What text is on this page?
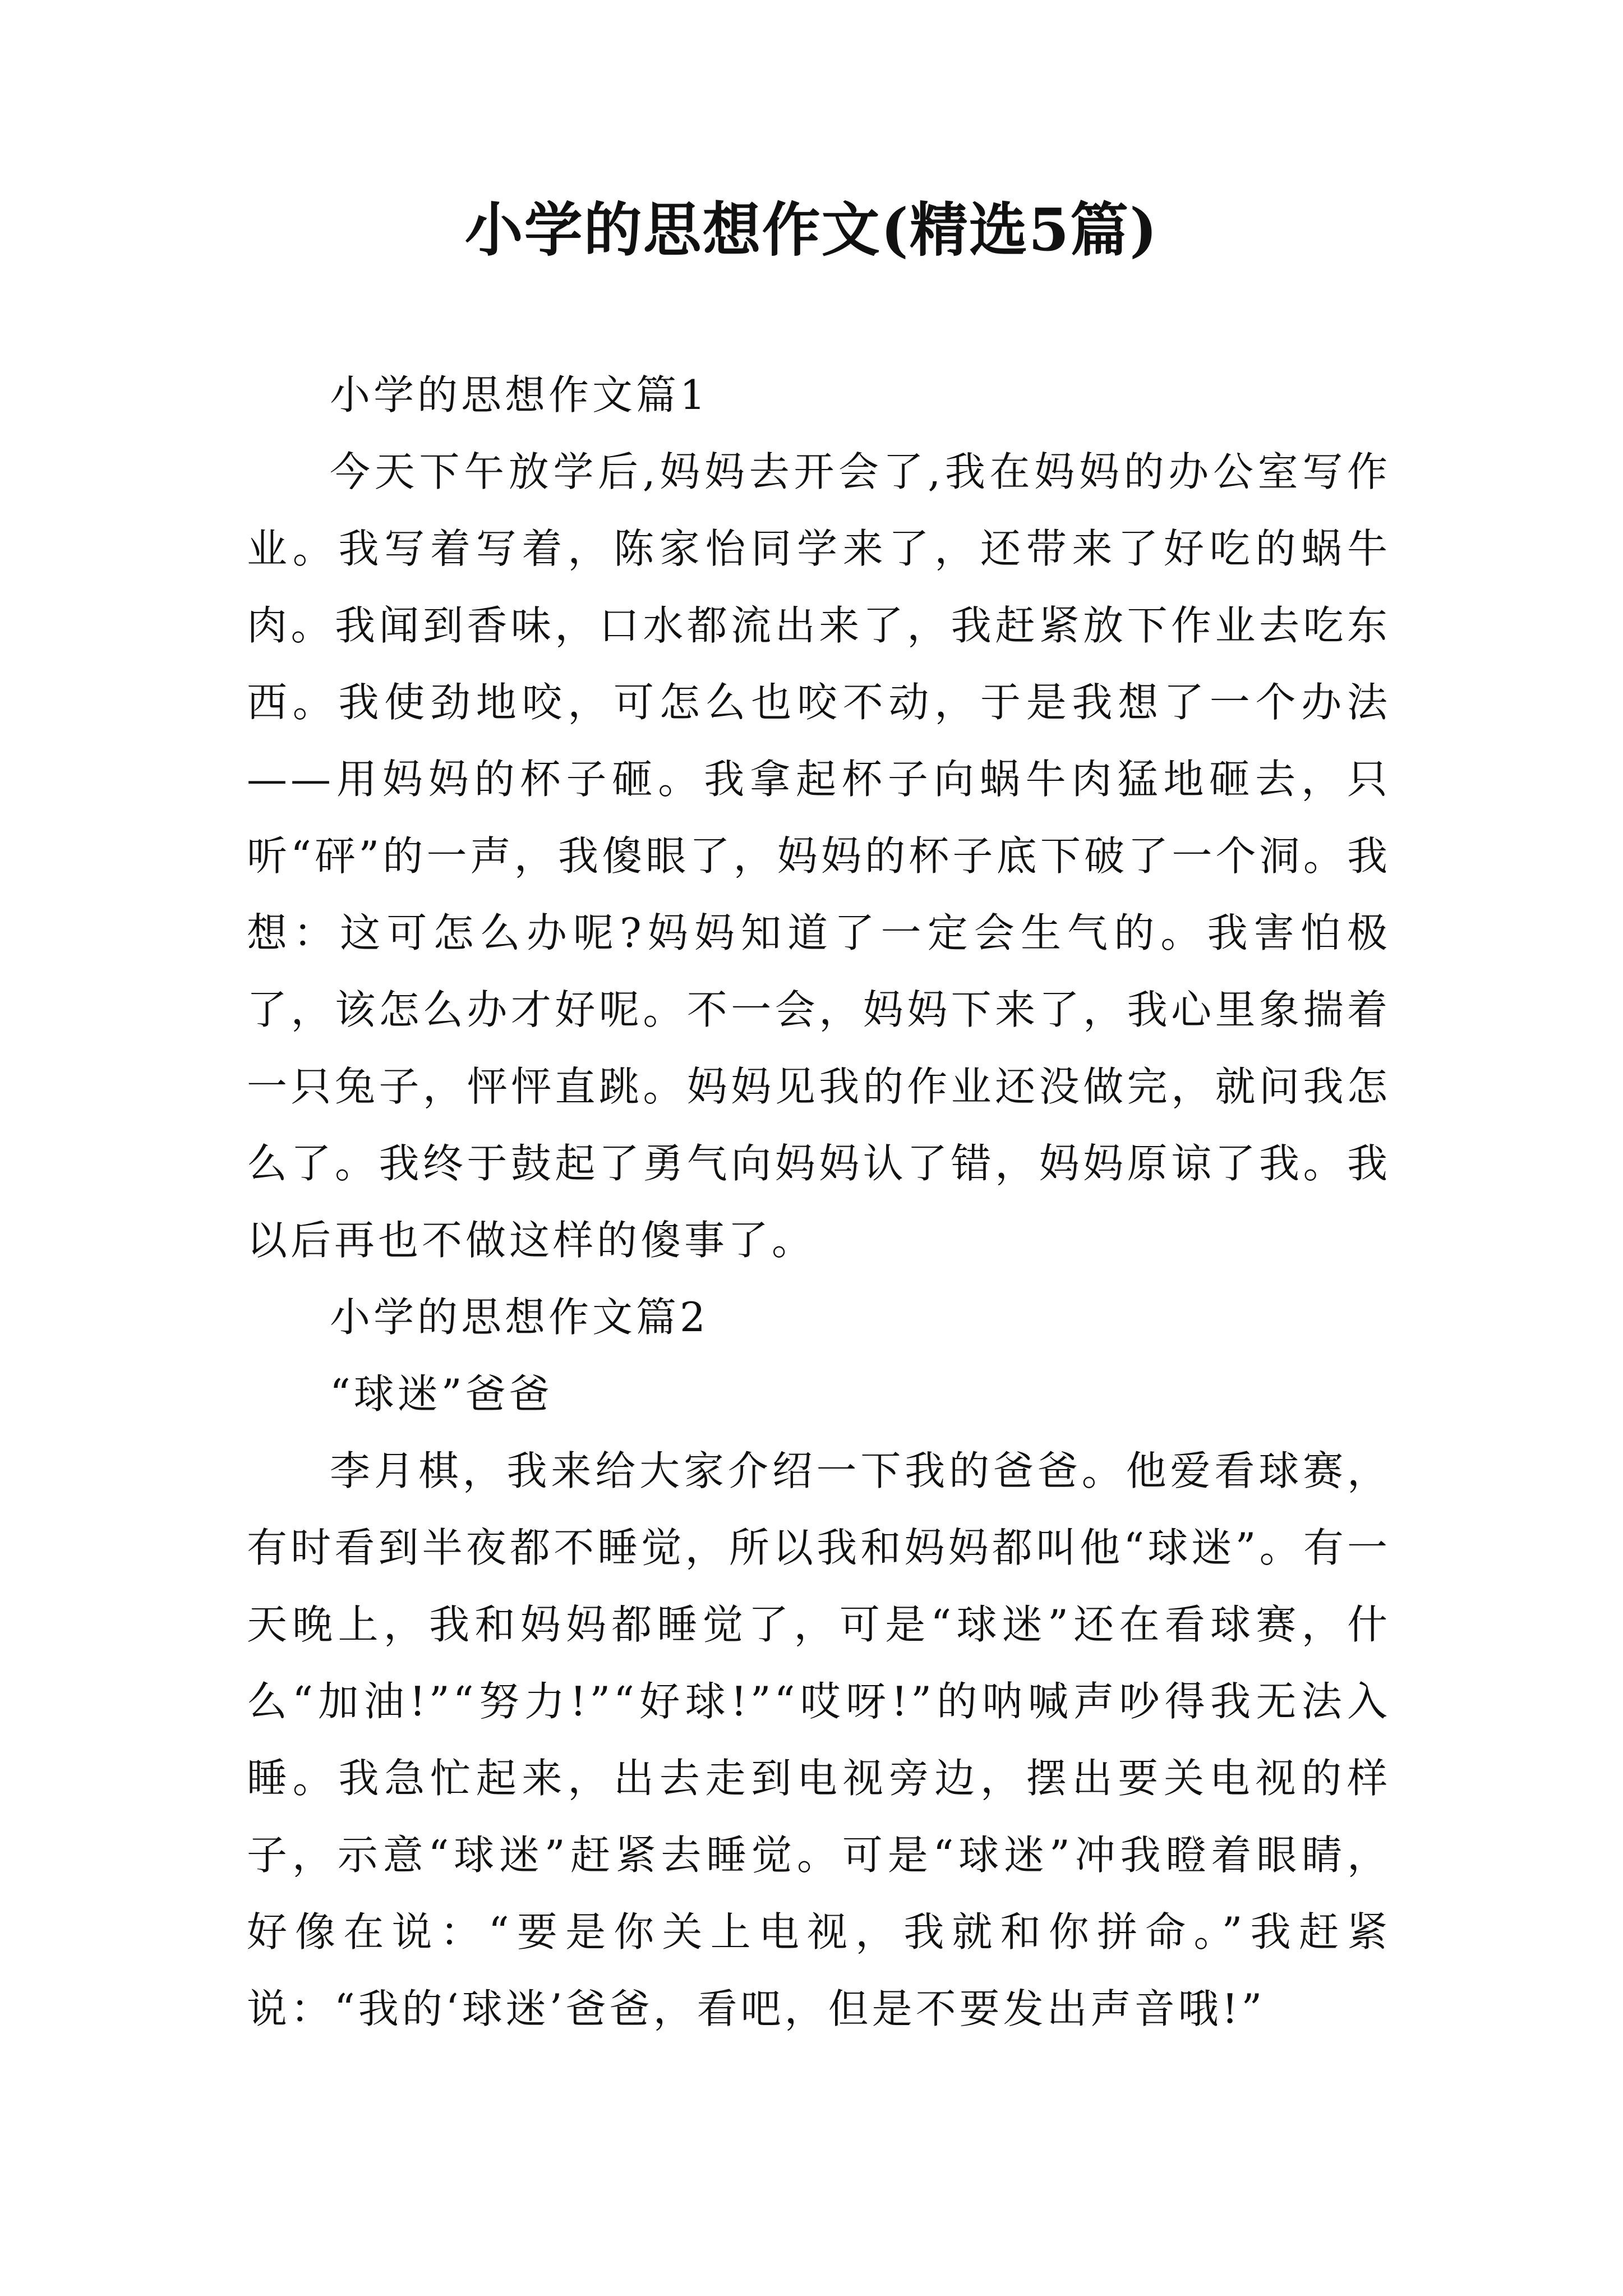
小学的思想作文(精选5篇)

小学的思想作文篇1

今天下午放学后,妈妈去开会了,我在妈妈的办公室写作业。我写着写着，陈家怡同学来了，还带来了好吃的蜗牛肉。我闻到香味，口水都流出来了，我赶紧放下作业去吃东西。我使劲地咬，可怎么也咬不动，于是我想了一个办法——用妈妈的杯子砸。我拿起杯子向蜗牛肉猛地砸去，只听“砰”的一声，我傻眼了，妈妈的杯子底下破了一个洞。我想：这可怎么办呢?妈妈知道了一定会生气的。我害怕极了，该怎么办才好呢。不一会，妈妈下来了，我心里象揣着一只兔子，怦怦直跳。妈妈见我的作业还没做完，就问我怎么了。我终于鼓起了勇气向妈妈认了错，妈妈原谅了我。我以后再也不做这样的傻事了。

小学的思想作文篇2

“球迷”爸爸

李月棋，我来给大家介绍一下我的爸爸。他爱看球赛，有时看到半夜都不睡觉，所以我和妈妈都叫他“球迷”。有一天晚上，我和妈妈都睡觉了，可是“球迷”还在看球赛，什么“加油!”“努力!”“好球!”“哎呀!”的呐喊声吵得我无法入睡。我急忙起来，出去走到电视旁边，摆出要关电视的样子，示意“球迷”赶紧去睡觉。可是“球迷”冲我瞪着眼睛，好像在说：“要是你关上电视，我就和你拼命。”我赶紧说：“我的‘球迷’爸爸，看吧，但是不要发出声音哦!”
